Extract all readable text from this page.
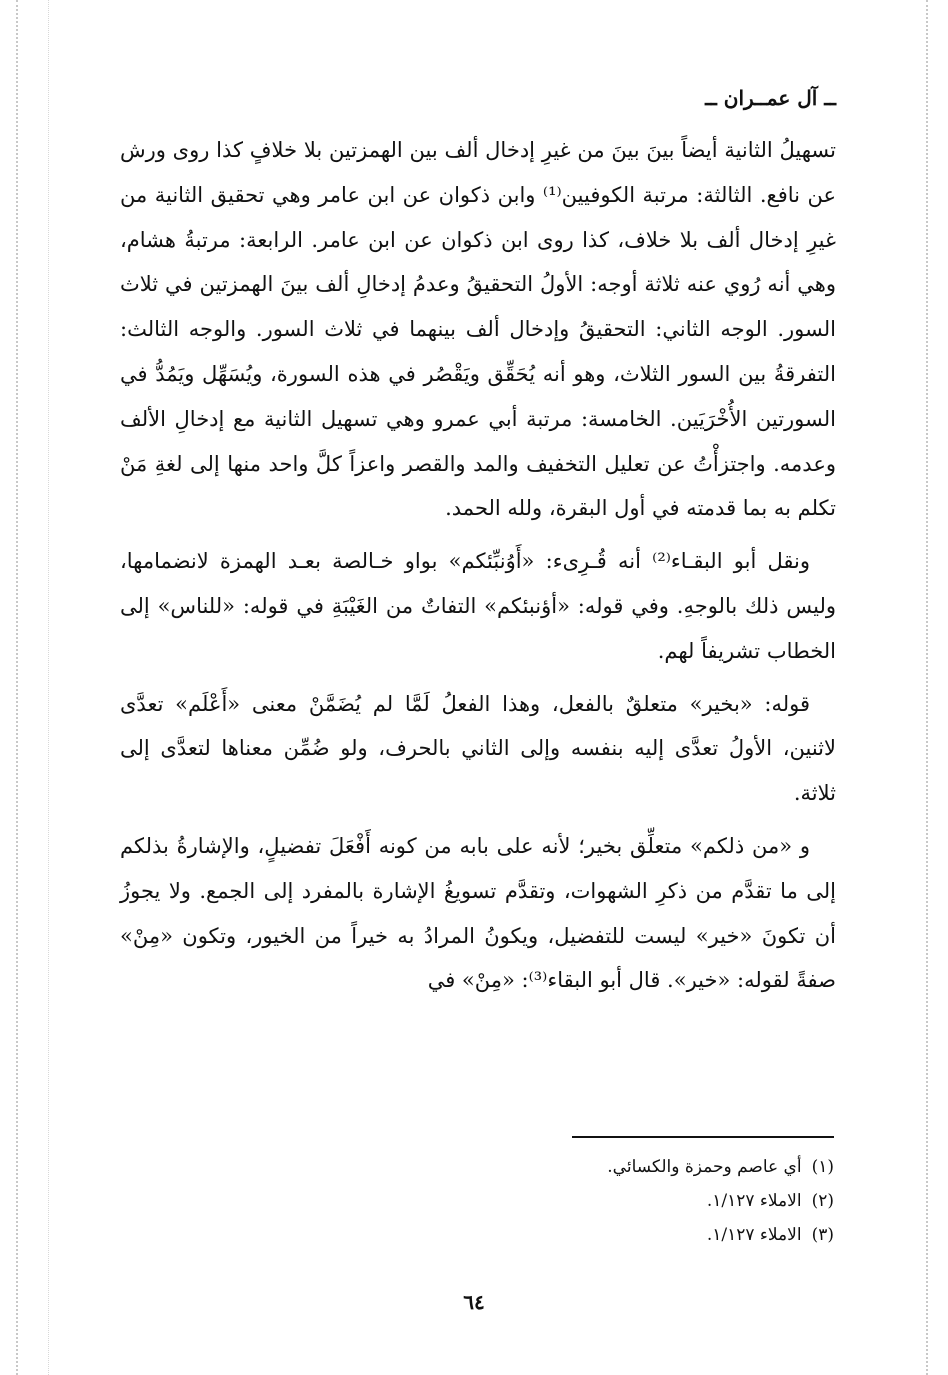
ــ آل عمــران ــ

تسهيلُ الثانية أيضاً بينَ بينَ من غيرِ إدخال ألف بين الهمزتين بلا خلافٍ كذا روى ورش عن نافع. الثالثة: مرتبة الكوفيين⁽¹⁾ وابن ذكوان عن ابن عامر وهي تحقيق الثانية من غيرِ إدخال ألف بلا خلاف، كذا روى ابن ذكوان عن ابن عامر. الرابعة: مرتبةُ هشام، وهي أنه رُوي عنه ثلاثة أوجه: الأولُ التحقيقُ وعدمُ إدخالِ ألف بينَ الهمزتين في ثلاث السور. الوجه الثاني: التحقيقُ وإدخال ألف بينهما في ثلاث السور. والوجه الثالث: التفرقةُ بين السور الثلاث، وهو أنه يُحَقِّق ويَقْصُر في هذه السورة، ويُسَهِّل ويَمُدُّ في السورتين الأُخْرَيَين. الخامسة: مرتبة أبي عمرو وهي تسهيل الثانية مع إدخالِ الألف وعدمه. واجتزأْتُ عن تعليل التخفيف والمد والقصر واعزاً كلَّ واحد منها إلى لغةِ مَنْ تكلم به بما قدمته في أول البقرة، ولله الحمد.

ونقل أبو البقـاء⁽²⁾ أنه قُـرِىء: «أَوُنبِّئكم» بواو خـالصة بعـد الهمزة لانضمامها، وليس ذلك بالوجهِ. وفي قوله: «أؤنبئكم» التفاتٌ من الغَيْبَةِ في قوله: «للناس» إلى الخطاب تشريفاً لهم.

قوله: «بخير» متعلقٌ بالفعل، وهذا الفعلُ لَمَّا لم يُضَمَّنْ معنى «أَعْلَم» تعدَّى لاثنين، الأولُ تعدَّى إليه بنفسه وإلى الثاني بالحرف، ولو ضُمِّن معناها لتعدَّى إلى ثلاثة.

و «من ذلكم» متعلِّق بخير؛ لأنه على بابه من كونه أَفْعَلَ تفضيلٍ، والإشارةُ بذلكم إلى ما تقدَّم من ذكرِ الشهوات، وتقدَّم تسويغُ الإشارة بالمفرد إلى الجمع. ولا يجوزُ أن تكونَ «خير» ليست للتفضيل، ويكونُ المرادُ به خيراً من الخيور، وتكون «مِنْ» صفةً لقوله: «خير». قال أبو البقاء⁽³⁾: «مِنْ» في

(١)أي عاصم وحمزة والكسائي.
(٢)الاملاء ١/١٢٧.
(٣)الاملاء ١/١٢٧.
٦٤
